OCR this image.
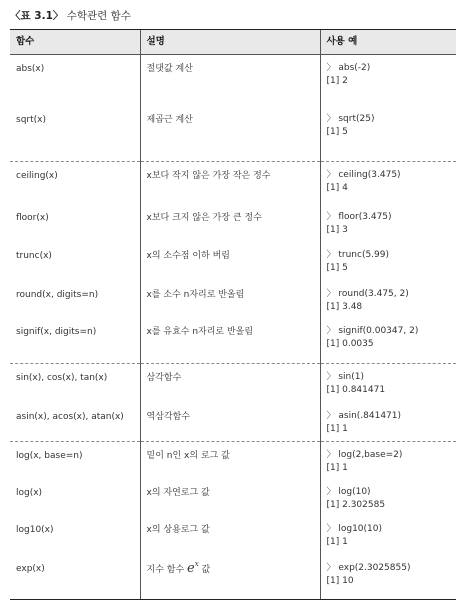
〈표 3.1〉 수학관련 함수
함수	설명	사용 예
abs(x)	절댓값 계산	〉 abs(-2)
[1] 2

sqrt(x)	제곱근 계산	〉 sqrt(25)
[1] 5

ceiling(x)	x보다 작지 않은 가장 작은 정수	〉 ceiling(3.475)
[1] 4

floor(x)	x보다 크지 않은 가장 큰 정수	〉 floor(3.475)
[1] 3

trunc(x)	x의 소수점 이하 버림	〉 trunc(5.99)
[1] 5

round(x, digits=n)	x를 소수 n자리로 반올림	〉 round(3.475, 2)
[1] 3.48

signif(x, digits=n)	x를 유효수 n자리로 반올림	〉 signif(0.00347, 2)
[1] 0.0035

sin(x), cos(x), tan(x)	삼각함수	〉 sin(1)
[1] 0.841471

asin(x), acos(x), atan(x)	역삼각함수	〉 asin(.841471)
[1] 1

log(x, base=n)	밑이 n인 x의 로그 값	〉 log(2,base=2)
[1] 1

log(x)	x의 자연로그 값	〉 log(10)
[1] 2.302585

log10(x)	x의 상용로그 값	〉 log10(10)
[1] 1

exp(x)	지수 함수 $e^x$ 값	〉 exp(2.3025855)
[1] 10
